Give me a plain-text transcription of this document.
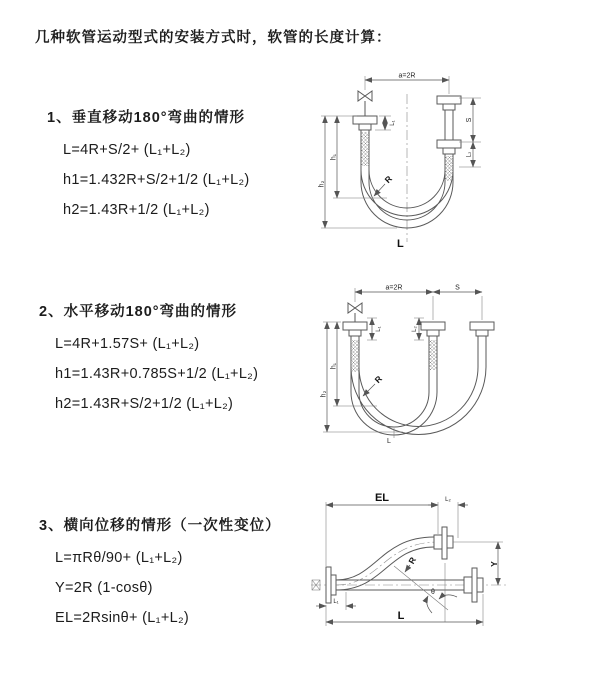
几种软管运动型式的安装方式时，软管的长度计算：
1、垂直移动180°弯曲的情形
L=4R+S/2+ (L₁+L₂)
h1=1.432R+S/2+1/2 (L₁+L₂)
h2=1.43R+1/2 (L₁+L₂)
2、水平移动180°弯曲的情形
L=4R+1.57S+ (L₁+L₂)
h1=1.43R+0.785S+1/2 (L₁+L₂)
h2=1.43R+S/2+1/2 (L₁+L₂)
3、横向位移的情形（一次性变位）
L=πRθ/90+ (L₁+L₂)
Y=2R (1-cosθ)
EL=2Rsinθ+ (L₁+L₂)
a=2R
S
L₂
h₁
h₂
L₁
R
L
a=2R	S
h₁
h₂
L₁	L₂
R
L
θ
R
EL	L₂
Y
L
L₁
